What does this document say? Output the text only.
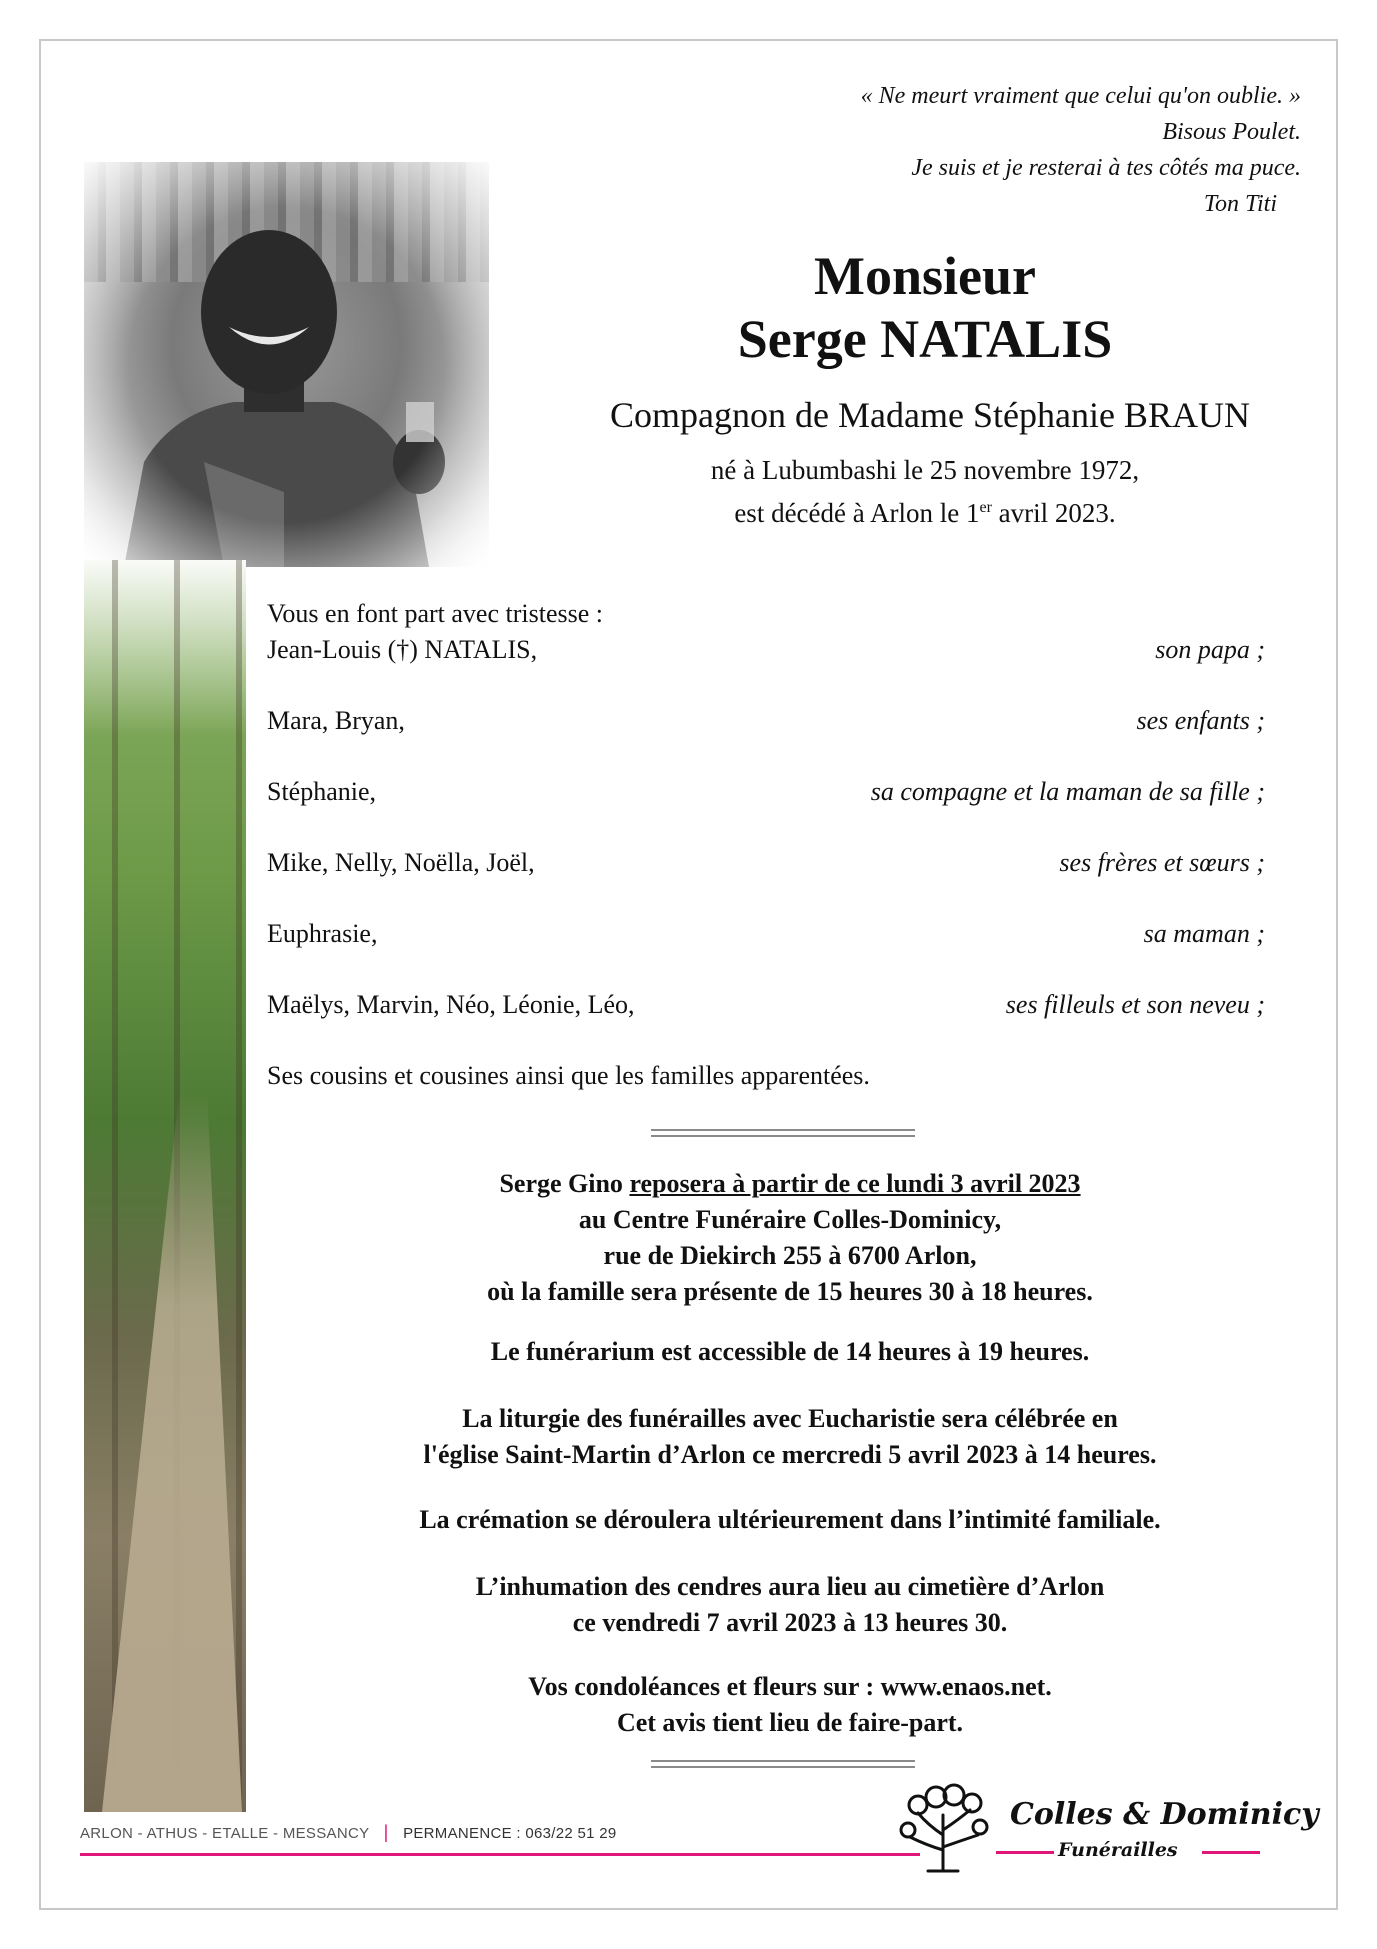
« Ne meurt vraiment que celui qu'on oublie. »
Bisous Poulet.
Je suis et je resterai à tes côtés ma puce.
Ton Titi
Monsieur
Serge NATALIS
Compagnon de Madame Stéphanie BRAUN
né à Lubumbashi le 25 novembre 1972,
est décédé à Arlon le 1er avril 2023.
Vous en font part avec tristesse :
Jean-Louis (†) NATALIS,	son papa ;
Mara, Bryan,	ses enfants ;
Stéphanie,	sa compagne et la maman de sa fille ;
Mike, Nelly, Noëlla, Joël,	ses frères et sœurs ;
Euphrasie,	sa maman ;
Maëlys, Marvin, Néo, Léonie, Léo,	ses filleuls et son neveu ;
Ses cousins et cousines ainsi que les familles apparentées.
Serge Gino reposera à partir de ce lundi 3 avril 2023
au Centre Funéraire Colles-Dominicy,
rue de Diekirch 255 à 6700 Arlon,
où la famille sera présente de 15 heures 30 à 18 heures.
Le funérarium est accessible de 14 heures à 19 heures.
La liturgie des funérailles avec Eucharistie sera célébrée en
l'église Saint-Martin d’Arlon ce mercredi 5 avril 2023 à 14 heures.
La crémation se déroulera ultérieurement dans l’intimité familiale.
L’inhumation des cendres aura lieu au cimetière d’Arlon
ce vendredi 7 avril 2023 à 13 heures 30.
Vos condoléances et fleurs sur : www.enaos.net.
Cet avis tient lieu de faire-part.
ARLON - ATHUS - ETALLE - MESSANCY | PERMANENCE : 063/22 51 29
Colles & Dominicy
Funérailles
